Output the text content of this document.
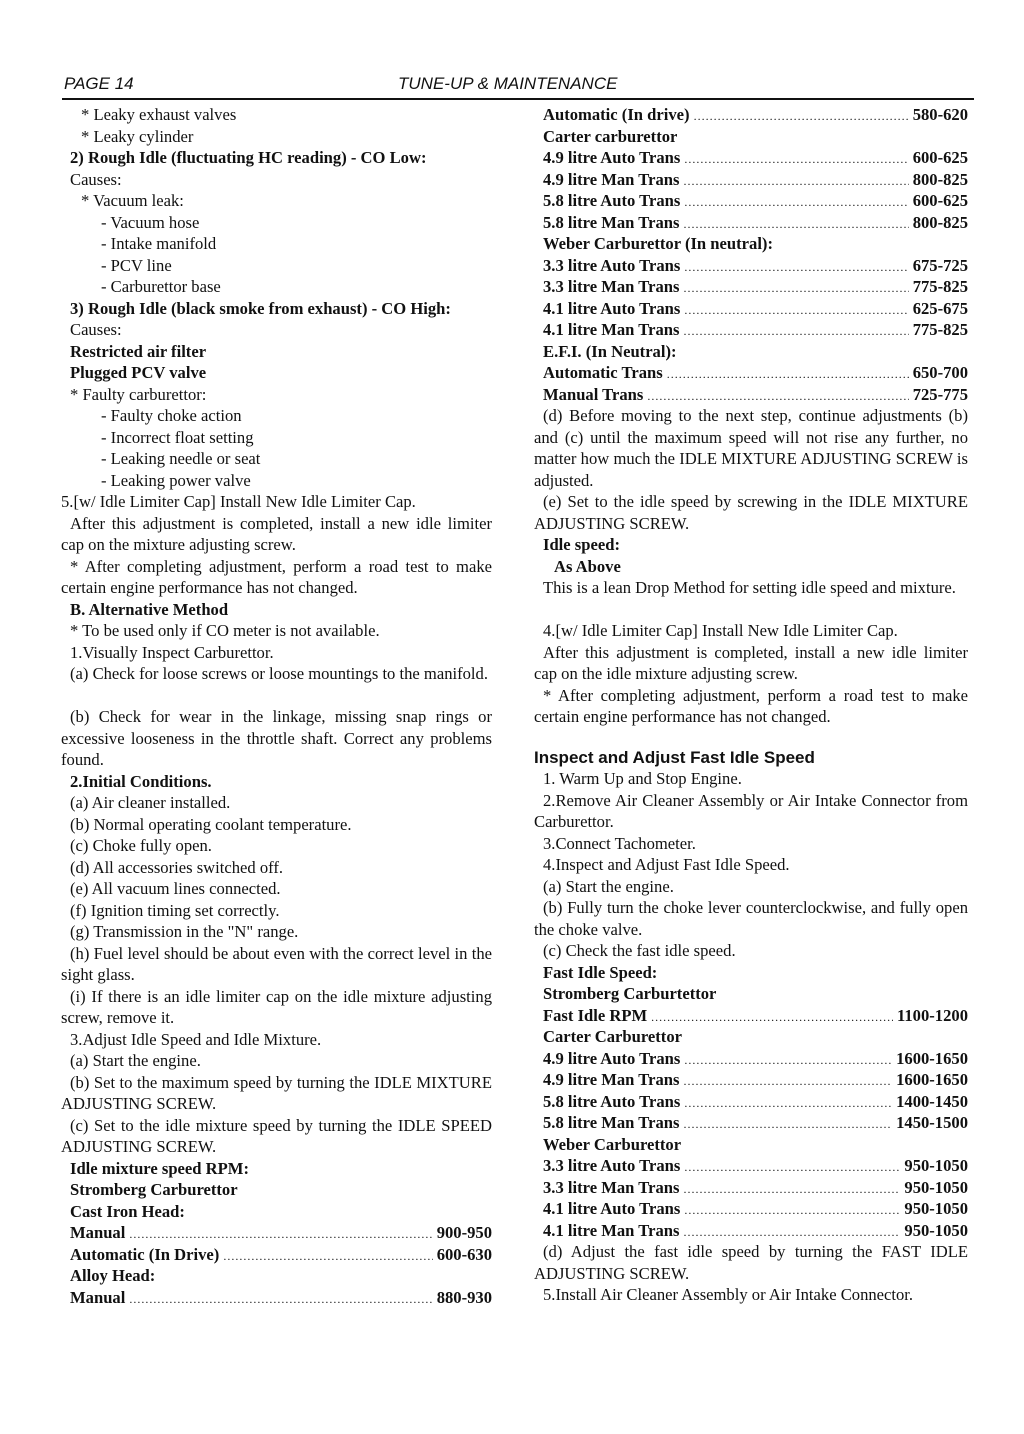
PAGE 14	TUNE-UP & MAINTENANCE
* Leaky exhaust valves
* Leaky cylinder
2) Rough Idle (fluctuating HC reading) - CO Low:
Causes:
* Vacuum leak:
- Vacuum hose
- Intake manifold
- PCV line
- Carburettor base
3) Rough Idle (black smoke from exhaust) - CO High:
Causes:
Restricted air filter
Plugged PCV valve
* Faulty carburettor:
- Faulty choke action
- Incorrect float setting
- Leaking needle or seat
- Leaking power valve
5.[w/ Idle Limiter Cap] Install New Idle Limiter Cap.
After this adjustment is completed, install a new idle limiter cap on the mixture adjusting screw.
* After completing adjustment, perform a road test to make certain engine performance has not changed.
B. Alternative Method
* To be used only if CO meter is not available.
1.Visually Inspect Carburettor.
(a) Check for loose screws or loose mountings to the manifold.
(b) Check for wear in the linkage, missing snap rings or excessive looseness in the throttle shaft. Correct any problems found.
2.Initial Conditions.
(a) Air cleaner installed.
(b) Normal operating coolant temperature.
(c) Choke fully open.
(d) All accessories switched off.
(e) All vacuum lines connected.
(f) Ignition timing set correctly.
(g) Transmission in the "N" range.
(h) Fuel level should be about even with the correct level in the sight glass.
(i) If there is an idle limiter cap on the idle mixture adjusting screw, remove it.
3.Adjust Idle Speed and Idle Mixture.
(a) Start the engine.
(b) Set to the maximum speed by turning the IDLE MIXTURE ADJUSTING SCREW.
(c) Set to the idle mixture speed by turning the IDLE SPEED ADJUSTING SCREW.
Idle mixture speed RPM:
Stromberg Carburettor
Cast Iron Head:
Manual .....	900-950
Automatic (In Drive) .....	600-630
Alloy Head:
Manual .....	880-930
Automatic (In drive) .....	580-620
Carter carburettor
4.9 litre Auto Trans .....	600-625
4.9 litre Man Trans .....	800-825
5.8 litre Auto Trans .....	600-625
5.8 litre Man Trans .....	800-825
Weber Carburettor (In neutral):
3.3 litre Auto Trans .....	675-725
3.3 litre Man Trans .....	775-825
4.1 litre Auto Trans .....	625-675
4.1 litre Man Trans .....	775-825
E.F.I. (In Neutral):
Automatic Trans .....	650-700
Manual Trans .....	725-775
(d) Before moving to the next step, continue adjustments (b) and (c) until the maximum speed will not rise any further, no matter how much the IDLE MIXTURE ADJUSTING SCREW is adjusted.
(e) Set to the idle speed by screwing in the IDLE MIXTURE ADJUSTING SCREW.
Idle speed:
As Above
This is a lean Drop Method for setting idle speed and mixture.
4.[w/ Idle Limiter Cap] Install New Idle Limiter Cap.
After this adjustment is completed, install a new idle limiter cap on the idle mixture adjusting screw.
* After completing adjustment, perform a road test to make certain engine performance has not changed.
Inspect and Adjust Fast Idle Speed
1. Warm Up and Stop Engine.
2.Remove Air Cleaner Assembly or Air Intake Connector from Carburettor.
3.Connect Tachometer.
4.Inspect and Adjust Fast Idle Speed.
(a) Start the engine.
(b) Fully turn the choke lever counterclockwise, and fully open the choke valve.
(c) Check the fast idle speed.
Fast Idle Speed:
Stromberg Carburtettor
Fast Idle RPM .....	1100-1200
Carter Carburettor
4.9 litre Auto Trans .....	1600-1650
4.9 litre Man Trans .....	1600-1650
5.8 litre Auto Trans .....	1400-1450
5.8 litre Man Trans .....	1450-1500
Weber Carburettor
3.3 litre Auto Trans .....	950-1050
3.3 litre Man Trans .....	950-1050
4.1 litre Auto Trans .....	950-1050
4.1 litre Man Trans .....	950-1050
(d) Adjust the fast idle speed by turning the FAST IDLE ADJUSTING SCREW.
5.Install Air Cleaner Assembly or Air Intake Connector.
